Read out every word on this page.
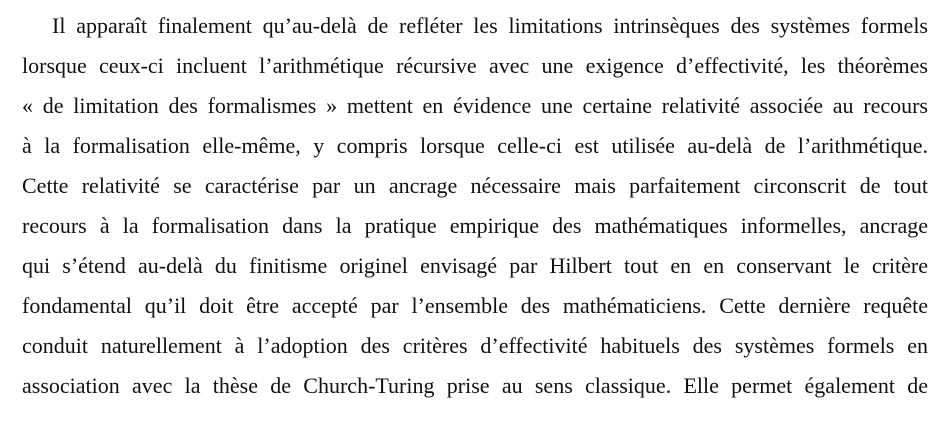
Il apparaît finalement qu’au-delà de refléter les limitations intrinsèques des systèmes formels
lorsque ceux-ci incluent l’arithmétique récursive avec une exigence d’effectivité, les théorèmes
« de limitation des formalismes » mettent en évidence une certaine relativité associée au recours
à la formalisation elle-même, y compris lorsque celle-ci est utilisée au-delà de l’arithmétique.
Cette relativité se caractérise par un ancrage nécessaire mais parfaitement circonscrit de tout
recours à la formalisation dans la pratique empirique des mathématiques informelles, ancrage
qui s’étend au-delà du finitisme originel envisagé par Hilbert tout en en conservant le critère
fondamental qu’il doit être accepté par l’ensemble des mathématiciens. Cette dernière requête
conduit naturellement à l’adoption des critères d’effectivité habituels des systèmes formels en
association avec la thèse de Church-Turing prise au sens classique. Elle permet également de
